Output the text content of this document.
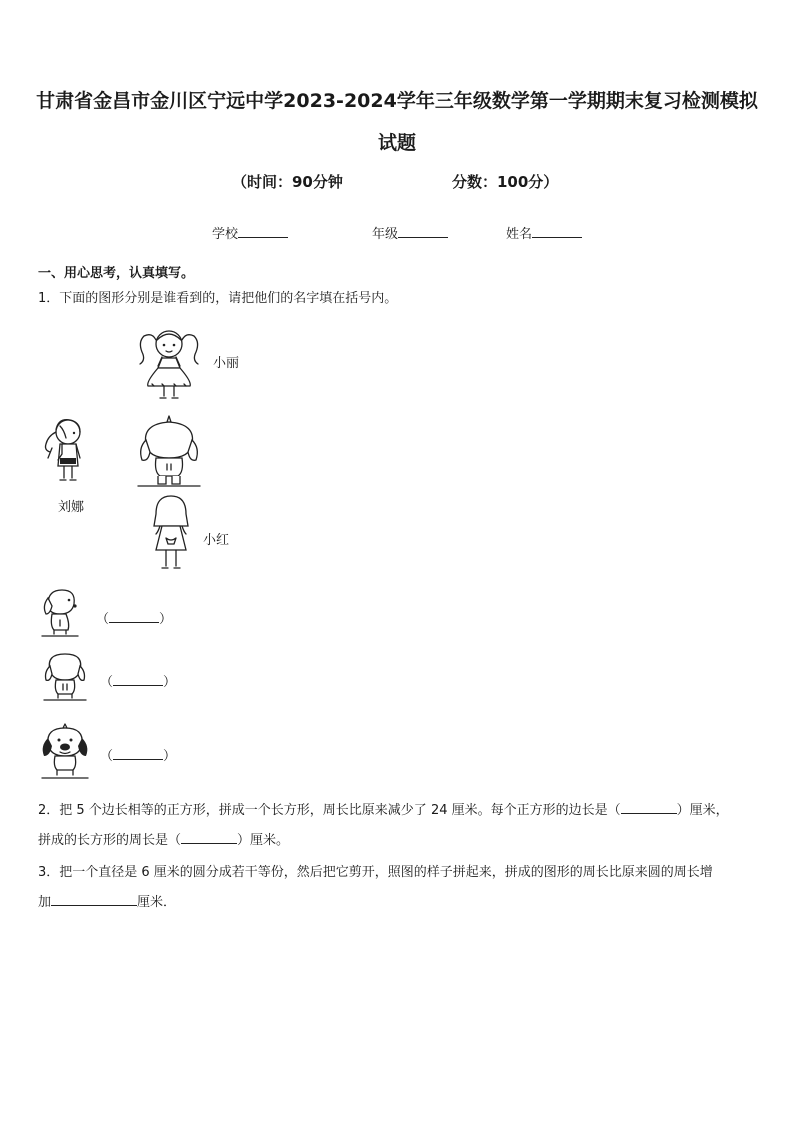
甘肃省金昌市金川区宁远中学2023-2024学年三年级数学第一学期期末复习检测模拟
试题
（时间：90分钟	分数：100分）
学校	年级	姓名
一、用心思考，认真填写。
1．下面的图形分别是谁看到的，请把他们的名字填在括号内。
小丽
刘娜
小红
（	）
（	）
（	）
2．把 5 个边长相等的正方形，拼成一个长方形，周长比原来减少了 24 厘米。每个正方形的边长是（	）厘米，
拼成的长方形的周长是（	）厘米。
3．把一个直径是 6 厘米的圆分成若干等份，然后把它剪开，照图的样子拼起来，拼成的图形的周长比原来圆的周长增
加	厘米．
